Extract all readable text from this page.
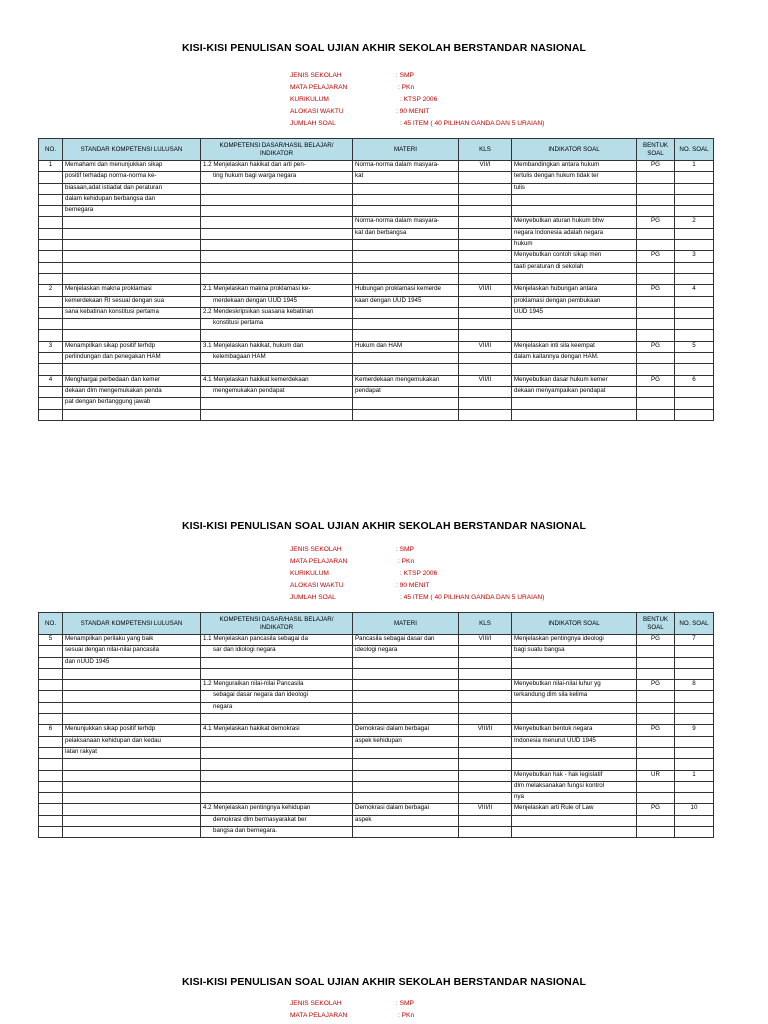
KISI-KISI PENULISAN SOAL UJIAN AKHIR SEKOLAH BERSTANDAR NASIONAL
JENIS SEKOLAH	: SMP
MATA PELAJARAN	: PKn
KURIKULUM	: KTSP 2006
ALOKASI WAKTU	: 90 MENIT
JUMLAH SOAL	: 45 ITEM ( 40 PILIHAN GANDA DAN 5 URAIAN)
NO.	STANDAR KOMPETENSI LULUSAN	KOMPETENSI DASAR/HASIL BELAJAR/ INDIKATOR	MATERI	KLS	INDIKATOR SOAL	BENTUK SOAL	NO. SOAL
1	Memahami dan menunjukkan sikap	1.2 Menjelaskan hakikat dan arti pen-	Norma-norma dalam masyara-	VII/I	Membandingkan antara hukum	PG	1
	positif terhadap norma-norma ke-	ting hukum bagi warga negara	kat		tertulis dengan hukum tidak ter		
	biasaan,adat istiadat dan peraturan				tulis		
	dalam kehidupan berbangsa dan						
	bernegara						
			Norma-norma dalam masyara-		Menyebutkan aturan hukum bhw	PG	2
			kat dan berbangsa		negara Indonesia adalah negara		
					hukum		
					Menyebutkan contoh sikap men	PG	3
					taati peraturan di sekolah		

2	Menjelaskan makna proklamasi	2.1 Menjelaskan makna proklamasi ke-	Hubungan proklamasi kemerde	VII/II	Menjelaskan hubungan antara	PG	4
	kemerdekaan RI sesuai dengan sua	merdekaan dengan UUD 1945	kaan dengan UUD 1945		proklamasi dengan pembukaan		
	sana kebatinan konstitusi pertama	2.2 Mendeskripsikan suasana kebatinan			UUD 1945		
		konstitusi pertama					

3	Menampilkan sikap positif terhdp	3.1 Menjelaskan hakikat, hukum dan	Hukum dan HAM	VII/II	Menjelaskan inti sila keempat	PG	5
	perlindungan dan penegakan HAM	kelembagaan HAM			dalam kaitannya dengan HAM.		

4	Menghargai perbedaan dan kemer	4.1 Menjelaskan hakikat kemerdekaan	Kemerdekaan mengemukakan	VII/II	Menyebutkan dasar hukum kemer	PG	6
	dekaan dlm mengemukakan penda	mengemukakan pendapat	pendapat		dekaan menyampaikan pendapat		
	pat dengan bertanggung jawab						

KISI-KISI PENULISAN SOAL UJIAN AKHIR SEKOLAH BERSTANDAR NASIONAL
JENIS SEKOLAH	: SMP
MATA PELAJARAN	: PKn
KURIKULUM	: KTSP 2006
ALOKASI WAKTU	: 90 MENIT
JUMLAH SOAL	: 45 ITEM ( 40 PILIHAN GANDA DAN 5 URAIAN)
NO.	STANDAR KOMPETENSI LULUSAN	KOMPETENSI DASAR/HASIL BELAJAR/ INDIKATOR	MATERI	KLS	INDIKATOR SOAL	BENTUK SOAL	NO. SOAL
5	Menampilkan perilaku yang baik	1.1 Menjelaskan pancasila sebagai da	Pancasila sebagai dasar dan	VIII/I	Menjelaskan pentingnya ideologi	PG	7
	sesuai dengan nilai-nilai pancasila	sar dan idiologi negara	ideologi negara		bagi suatu bangsa		
	dan nUUD 1945						

		1.2 Menguraikan nilai-nilai Pancasila			Menyebutkan nilai-nilai luhur yg	PG	8
		sebagai dasar negara dan ideologi			terkandung dlm sila kelima		
		negara					

6	Menunjukkan sikap positif terhdp	4.1 Menjelaskan hakikat demokrasi	Demokrasi dalam berbagai	VIII/II	Menyebutkan bentuk negara	PG	9
	pelaksanaan kehidupan dan kedau		aspek kehidupan		Indonesia menurut UUD 1945		
	latan rakyat						

					Menyebutkan hak - hak legislatif	UR	1
					dlm melaksanakan fungsi kontrol		
					nya		
		4.2 Menjelaskan pentingnya kehidupan	Demokrasi dalam berbagai	VIII/II	Menjelaskan arti Rule of Law	PG	10
		demokrasi dlm bermasyarakat ber	aspek				
		bangsa dan bernegara.					
KISI-KISI PENULISAN SOAL UJIAN AKHIR SEKOLAH BERSTANDAR NASIONAL
JENIS SEKOLAH	: SMP
MATA PELAJARAN	: PKn
